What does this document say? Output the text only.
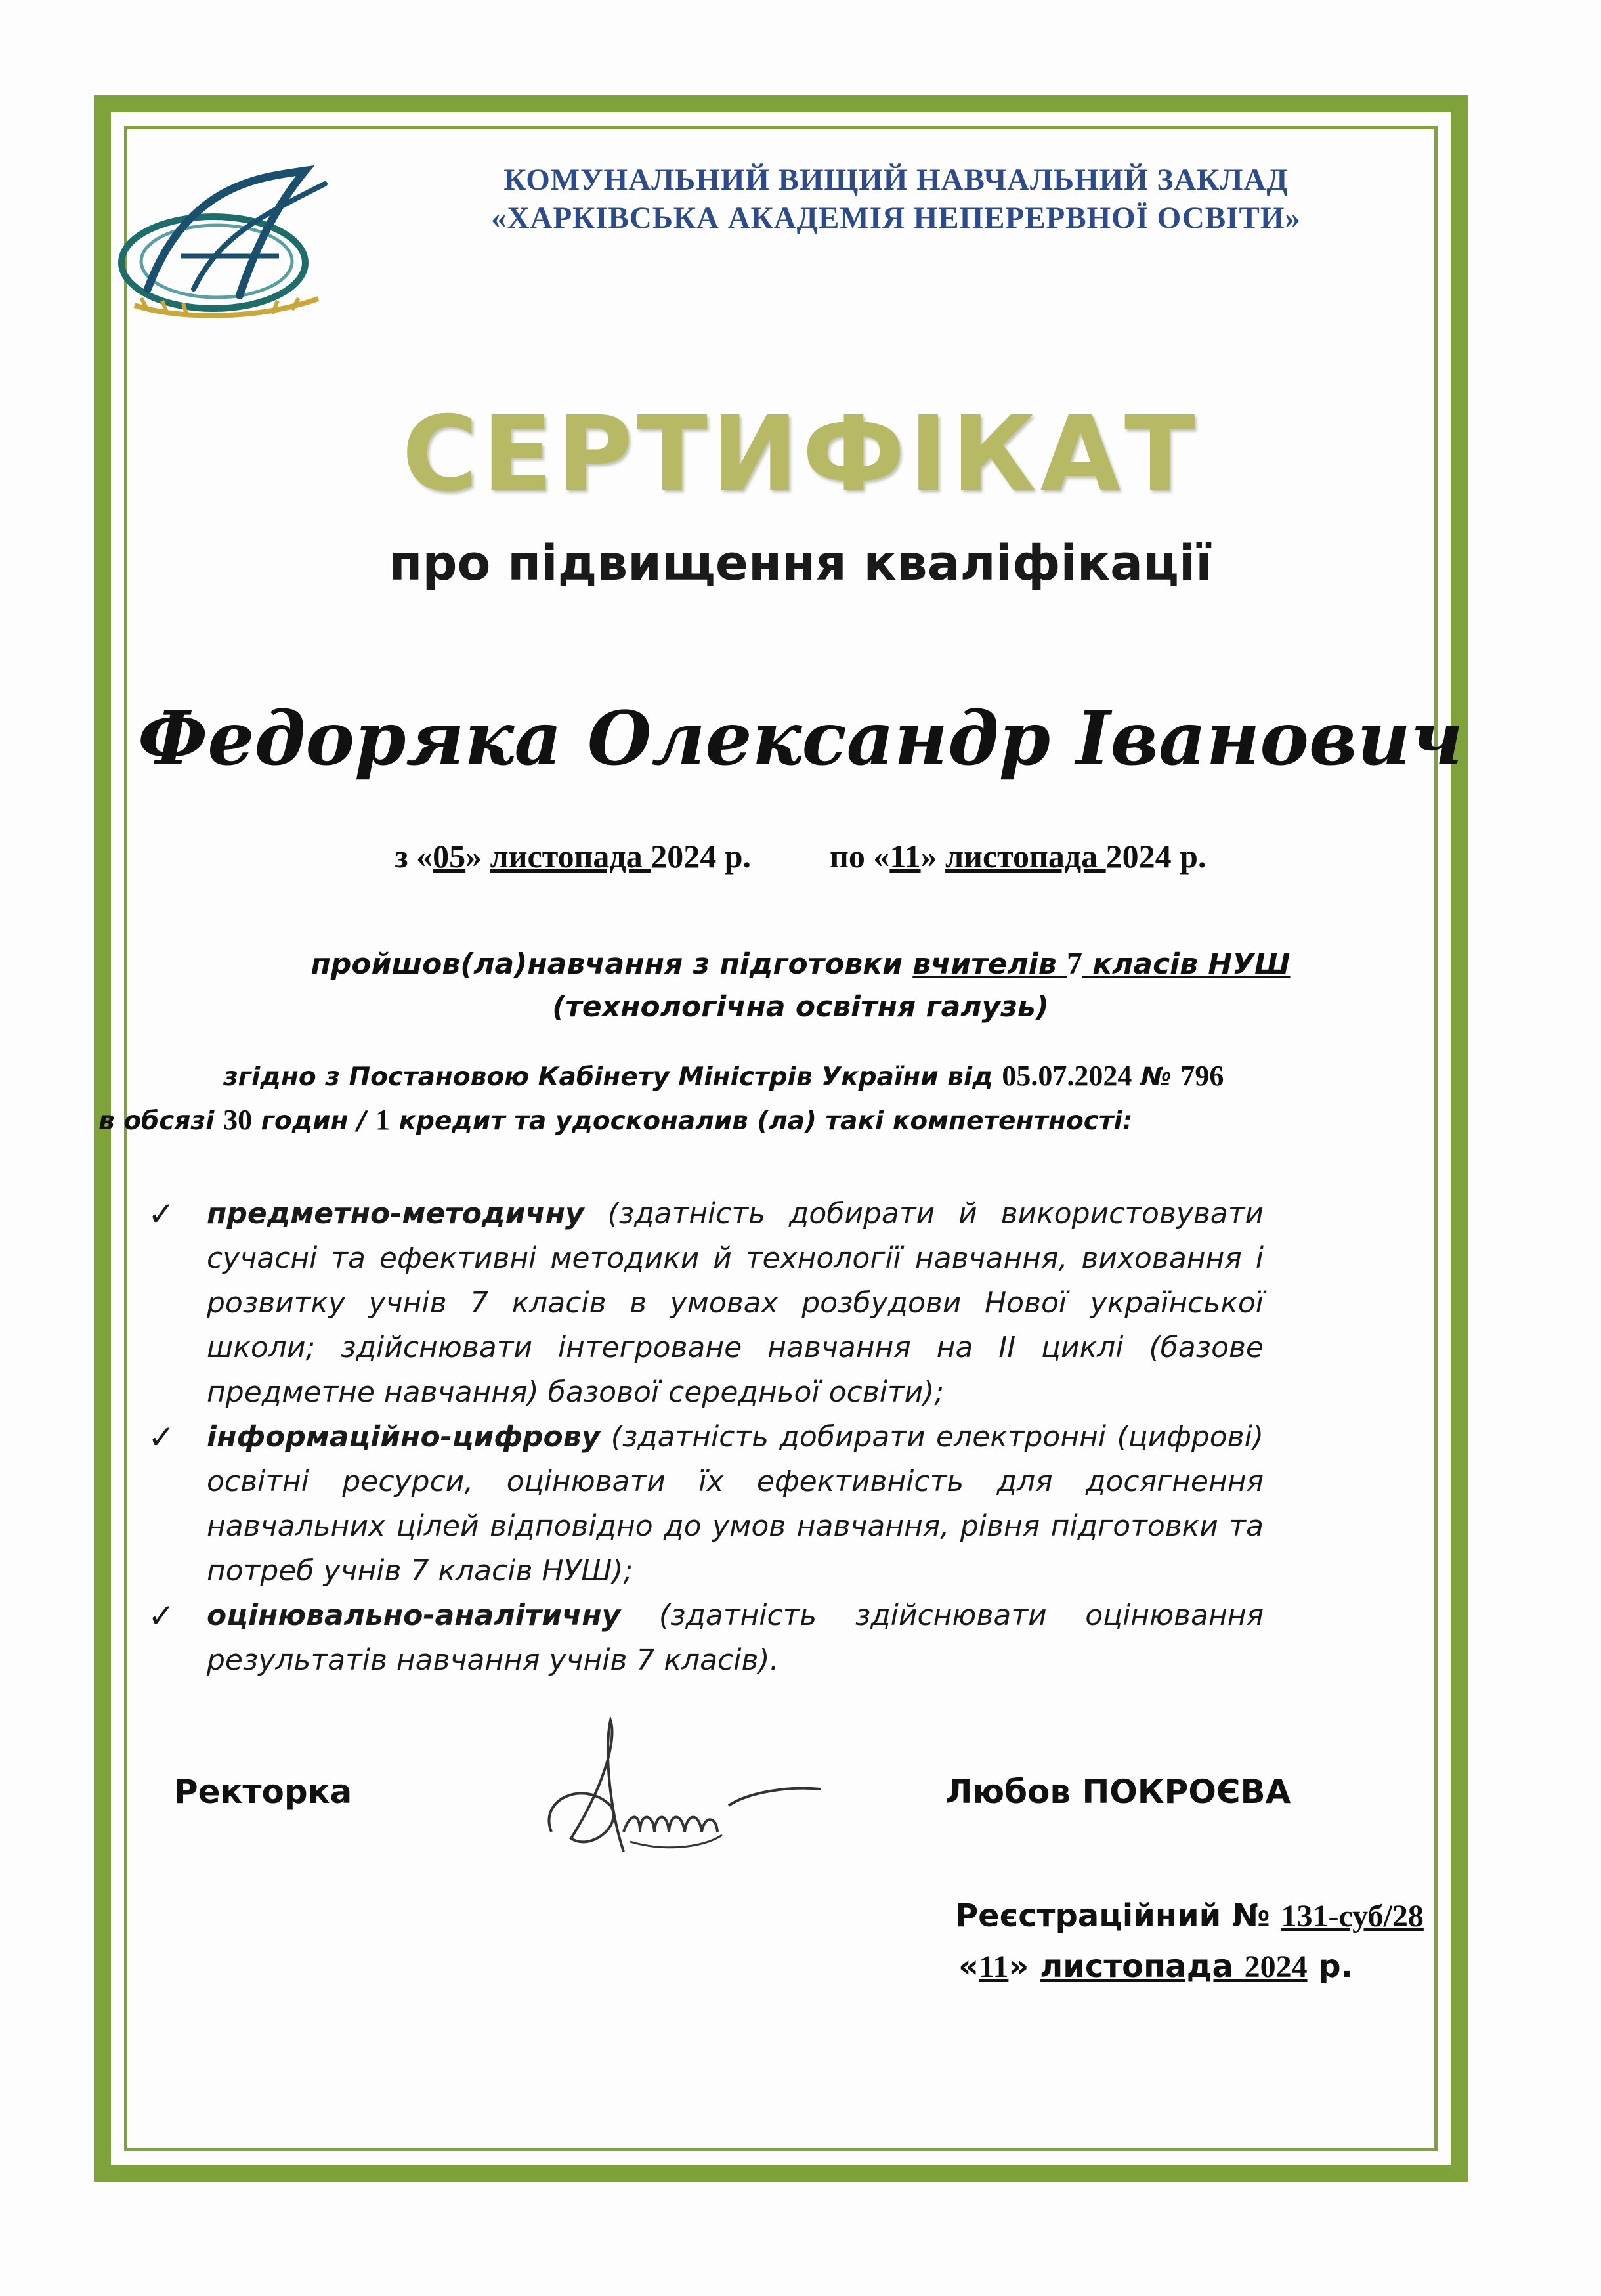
КОМУНАЛЬНИЙ ВИЩИЙ НАВЧАЛЬНИЙ ЗАКЛАД
«ХАРКІВСЬКА АКАДЕМІЯ НЕПЕРЕРВНОЇ ОСВІТИ»
СЕРТИФІКАТ
про підвищення кваліфікації
Федоряка Олександр Іванович
з «05» листопада 2024 р. по «11» листопада 2024 р.
пройшов(ла)навчання з підготовки вчителів 7 класів НУШ
(технологічна освітня галузь)
згідно з Постановою Кабінету Міністрів України від 05.07.2024 № 796
в обсязі 30 годин / 1 кредит та удосконалив (ла) такі компетентності:
✓ предметно-методичну (здатність добирати й використовувати сучасні та ефективні методики й технології навчання, виховання і розвитку учнів 7 класів в умовах розбудови Нової української школи; здійснювати інтегроване навчання на ІІ циклі (базове предметне навчання) базової середньої освіти);
✓ інформаційно-цифрову (здатність добирати електронні (цифрові) освітні ресурси, оцінювати їх ефективність для досягнення навчальних цілей відповідно до умов навчання, рівня підготовки та потреб учнів 7 класів НУШ);
✓ оцінювально-аналітичну (здатність здійснювати оцінювання результатів навчання учнів 7 класів).
Ректорка	Любов ПОКРОЄВА
Реєстраційний № 131-суб/28
«11» листопада 2024 р.
